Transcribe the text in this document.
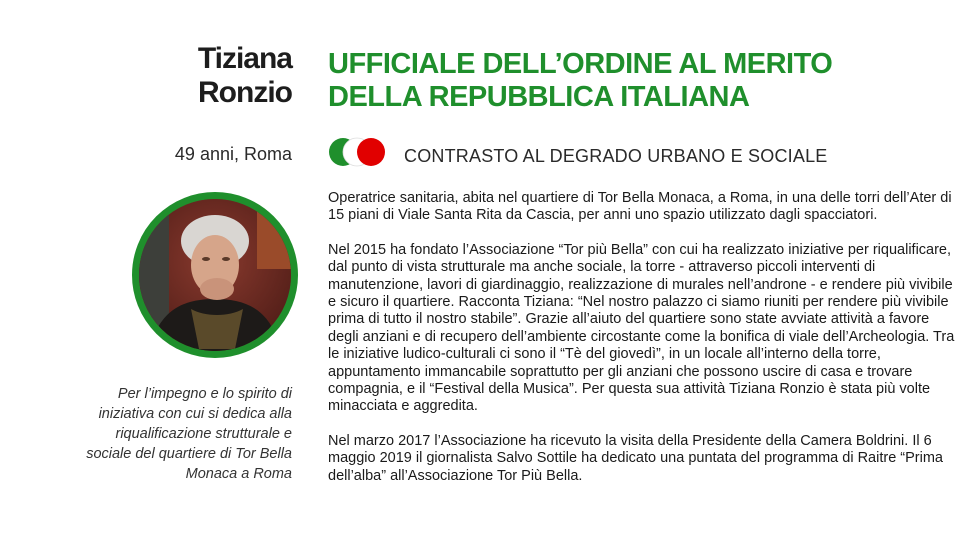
Tiziana
Ronzio
49 anni, Roma
UFFICIALE DELL’ORDINE AL MERITO
DELLA REPUBBLICA ITALIANA
CONTRASTO AL DEGRADO URBANO E SOCIALE
Per l’impegno e lo spirito di iniziativa con cui si dedica alla riqualificazione strutturale e sociale del quartiere di Tor Bella Monaca a Roma

Operatrice sanitaria, abita nel quartiere di Tor Bella Monaca, a Roma, in una delle torri dell’Ater di 15 piani di Viale Santa Rita da Cascia, per anni uno spazio utilizzato dagli spacciatori.

Nel 2015 ha fondato l’Associazione “Tor più Bella” con cui ha realizzato iniziative per riqualificare, dal punto di vista strutturale ma anche sociale, la torre - attraverso piccoli interventi di manutenzione, lavori di giardinaggio, realizzazione di murales nell’androne - e rendere più vivibile e sicuro il quartiere. Racconta Tiziana: “Nel nostro palazzo ci siamo riuniti per rendere più vivibile prima di tutto il nostro stabile”. Grazie all’aiuto del quartiere sono state avviate attività a favore degli anziani e di recupero dell’ambiente circostante come la bonifica di viale dell’Archeologia. Tra le iniziative ludico-culturali ci sono il “Tè del giovedì”, in un locale all’interno della torre, appuntamento immancabile soprattutto per gli anziani che possono uscire di casa e trovare compagnia, e il “Festival della Musica”. Per questa sua attività Tiziana Ronzio è stata più volte minacciata e aggredita.

Nel marzo 2017 l’Associazione ha ricevuto la visita della Presidente della Camera Boldrini. Il 6 maggio 2019 il giornalista Salvo Sottile ha dedicato una puntata del programma di Raitre “Prima dell’alba” all’Associazione Tor Più Bella.
